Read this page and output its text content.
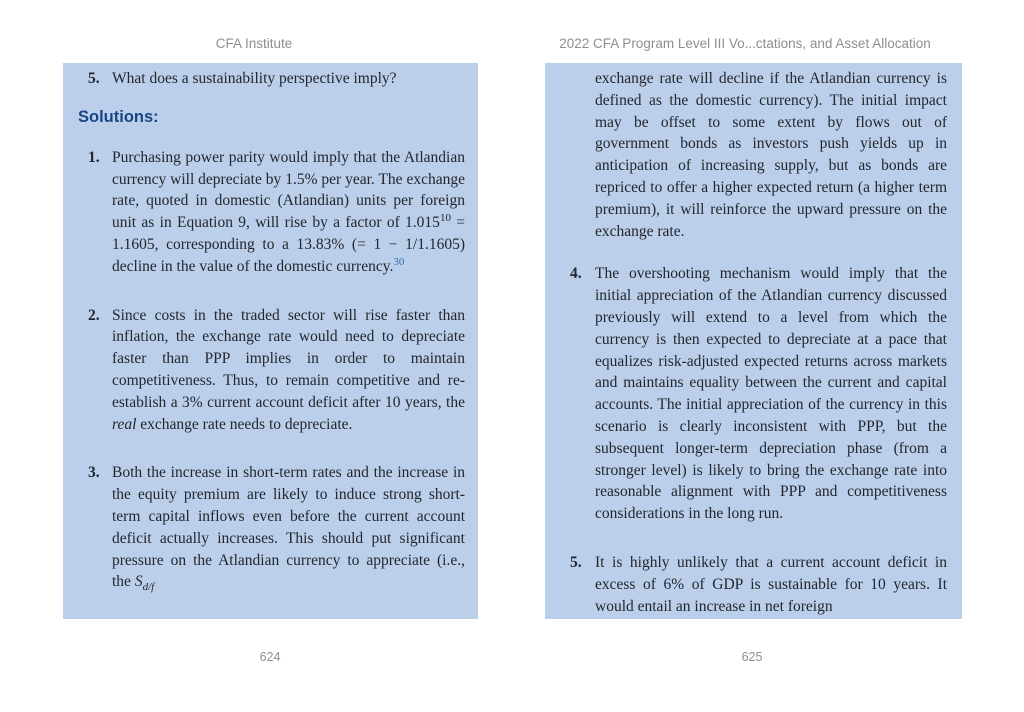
CFA Institute	2022 CFA Program Level III Vo...ctations, and Asset Allocation
5. What does a sustainability perspective imply?
Solutions:
1. Purchasing power parity would imply that the Atlandian currency will depreciate by 1.5% per year. The exchange rate, quoted in domestic (Atlandian) units per foreign unit as in Equation 9, will rise by a factor of $1.015^{10} = 1.1605$, corresponding to a 13.83% (= 1 − 1/1.1605) decline in the value of the domestic currency.$^{30}$
2. Since costs in the traded sector will rise faster than inflation, the exchange rate would need to depreciate faster than PPP implies in order to maintain competitiveness. Thus, to remain competitive and re-establish a 3% current account deficit after 10 years, the real exchange rate needs to depreciate.
3. Both the increase in short-term rates and the increase in the equity premium are likely to induce strong short-term capital inflows even before the current account deficit actually increases. This should put significant pressure on the Atlandian currency to appreciate (i.e., the $S_{d/f}$
exchange rate will decline if the Atlandian currency is defined as the domestic currency). The initial impact may be offset to some extent by flows out of government bonds as investors push yields up in anticipation of increasing supply, but as bonds are repriced to offer a higher expected return (a higher term premium), it will reinforce the upward pressure on the exchange rate.
4. The overshooting mechanism would imply that the initial appreciation of the Atlandian currency discussed previously will extend to a level from which the currency is then expected to depreciate at a pace that equalizes risk-adjusted expected returns across markets and maintains equality between the current and capital accounts. The initial appreciation of the currency in this scenario is clearly inconsistent with PPP, but the subsequent longer-term depreciation phase (from a stronger level) is likely to bring the exchange rate into reasonable alignment with PPP and competitiveness considerations in the long run.
5. It is highly unlikely that a current account deficit in excess of 6% of GDP is sustainable for 10 years. It would entail an increase in net foreign
624	625
